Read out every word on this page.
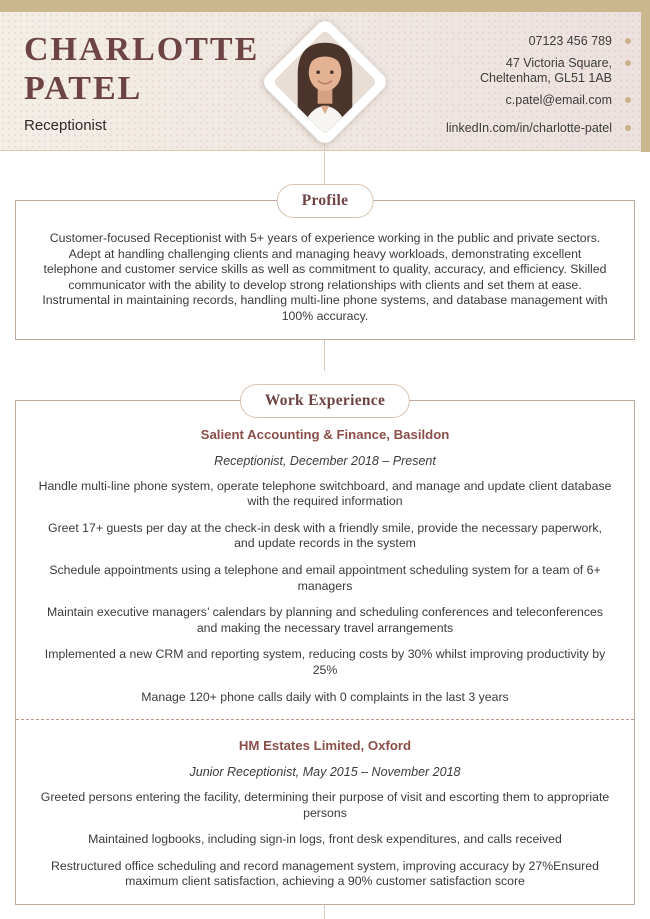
CHARLOTTE
PATEL
Receptionist
07123 456 789
47 Victoria Square,
Cheltenham, GL51 1AB
c.patel@email.com
linkedIn.com/in/charlotte-patel
Profile
Customer-focused Receptionist with 5+ years of experience working in the public and private sectors. Adept at handling challenging clients and managing heavy workloads, demonstrating excellent telephone and customer service skills as well as commitment to quality, accuracy, and efficiency. Skilled communicator with the ability to develop strong relationships with clients and set them at ease. Instrumental in maintaining records, handling multi-line phone systems, and database management with 100% accuracy.
Work Experience
Salient Accounting & Finance, Basildon
Receptionist, December 2018 – Present

Handle multi-line phone system, operate telephone switchboard, and manage and update client database with the required information

Greet 17+ guests per day at the check-in desk with a friendly smile, provide the necessary paperwork, and update records in the system

Schedule appointments using a telephone and email appointment scheduling system for a team of 6+ managers

Maintain executive managers’ calendars by planning and scheduling conferences and teleconferences and making the necessary travel arrangements

Implemented a new CRM and reporting system, reducing costs by 30% whilst improving productivity by 25%

Manage 120+ phone calls daily with 0 complaints in the last 3 years

HM Estates Limited, Oxford
Junior Receptionist, May 2015 – November 2018

Greeted persons entering the facility, determining their purpose of visit and escorting them to appropriate persons

Maintained logbooks, including sign-in logs, front desk expenditures, and calls received

Restructured office scheduling and record management system, improving accuracy by 27%Ensured maximum client satisfaction, achieving a 90% customer satisfaction score
